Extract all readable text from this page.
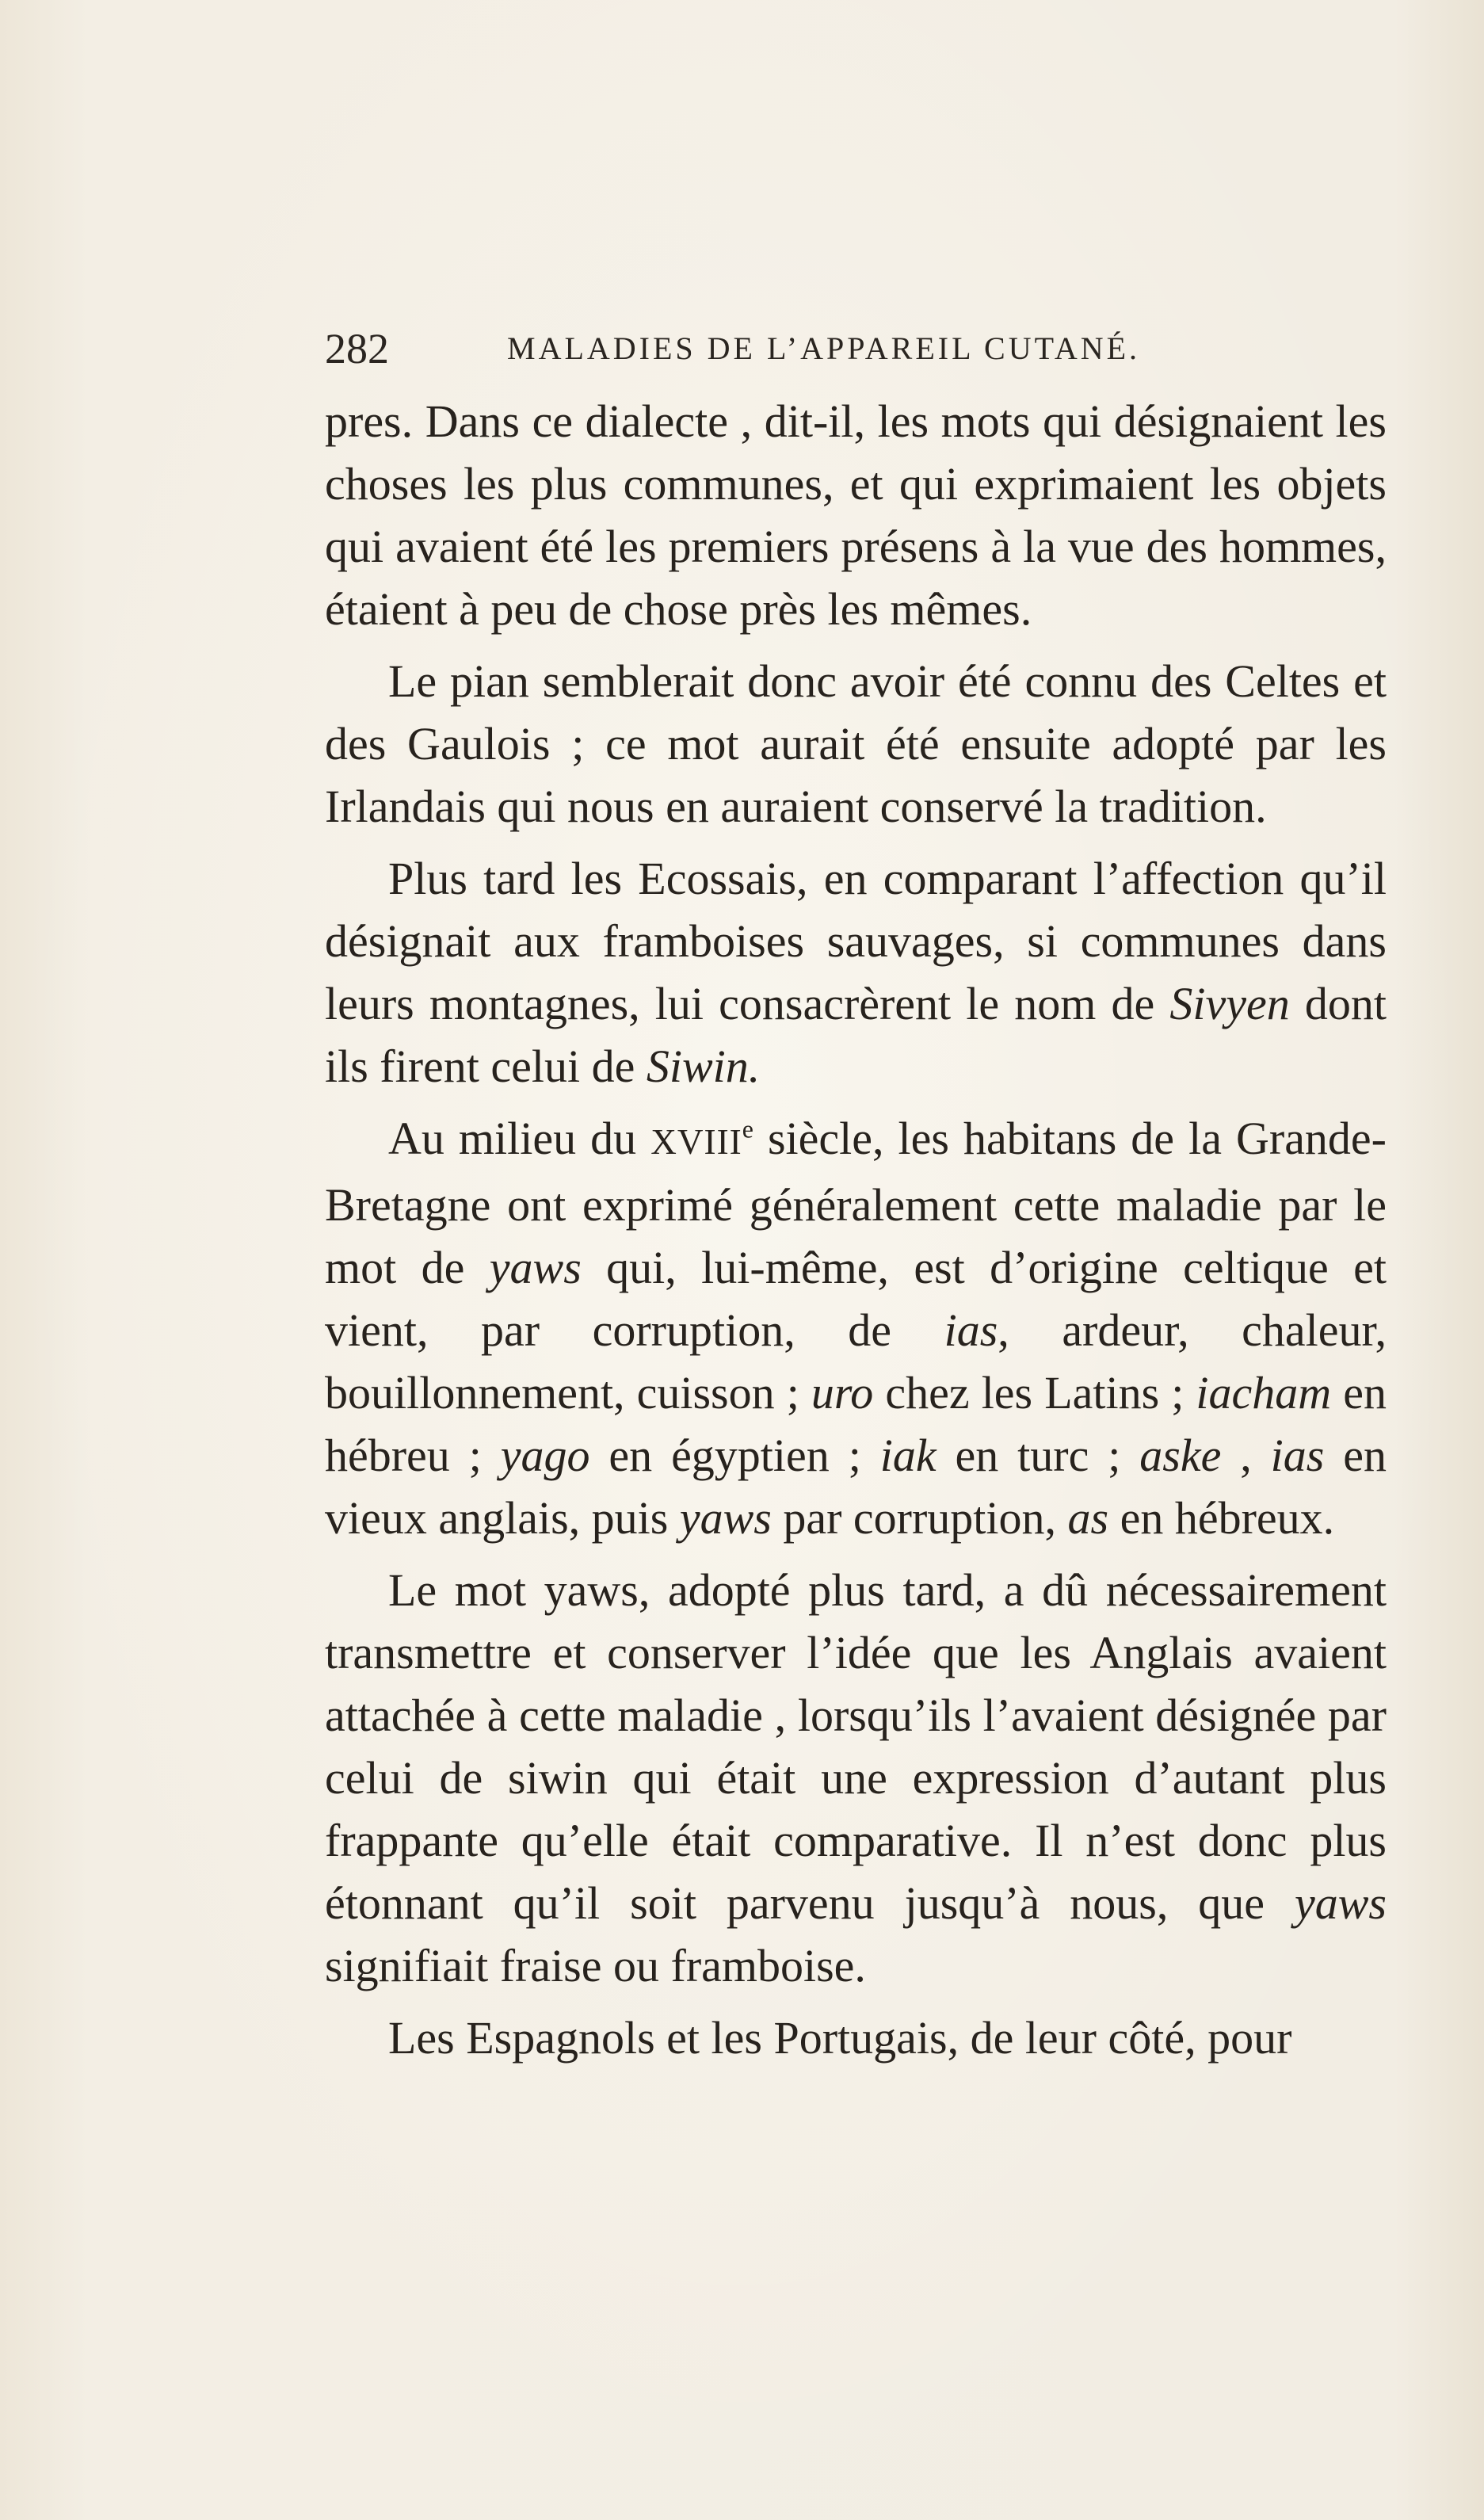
282	MALADIES DE L’APPAREIL CUTANÉ.

pres. Dans ce dialecte , dit-il, les mots qui désignaient les choses les plus communes, et qui exprimaient les objets qui avaient été les premiers présens à la vue des hommes, étaient à peu de chose près les mêmes.

Le pian semblerait donc avoir été connu des Celtes et des Gaulois ; ce mot aurait été ensuite adopté par les Irlandais qui nous en auraient conservé la tradition.

Plus tard les Ecossais, en comparant l’affection qu’il désignait aux framboises sauvages, si communes dans leurs montagnes, lui consacrèrent le nom de Sivyen dont ils firent celui de Siwin.

Au milieu du XVIIIe siècle, les habitans de la Grande-Bretagne ont exprimé généralement cette maladie par le mot de yaws qui, lui-même, est d’origine celtique et vient, par corruption, de ias, ardeur, chaleur, bouillonnement, cuisson ; uro chez les Latins ; iacham en hébreu ; yago en égyptien ; iak en turc ; aske , ias en vieux anglais, puis yaws par corruption, as en hébreux.

Le mot yaws, adopté plus tard, a dû nécessairement transmettre et conserver l’idée que les Anglais avaient attachée à cette maladie , lorsqu’ils l’avaient désignée par celui de siwin qui était une expression d’autant plus frappante qu’elle était comparative. Il n’est donc plus étonnant qu’il soit parvenu jusqu’à nous, que yaws signifiait fraise ou framboise.

Les Espagnols et les Portugais, de leur côté, pour
